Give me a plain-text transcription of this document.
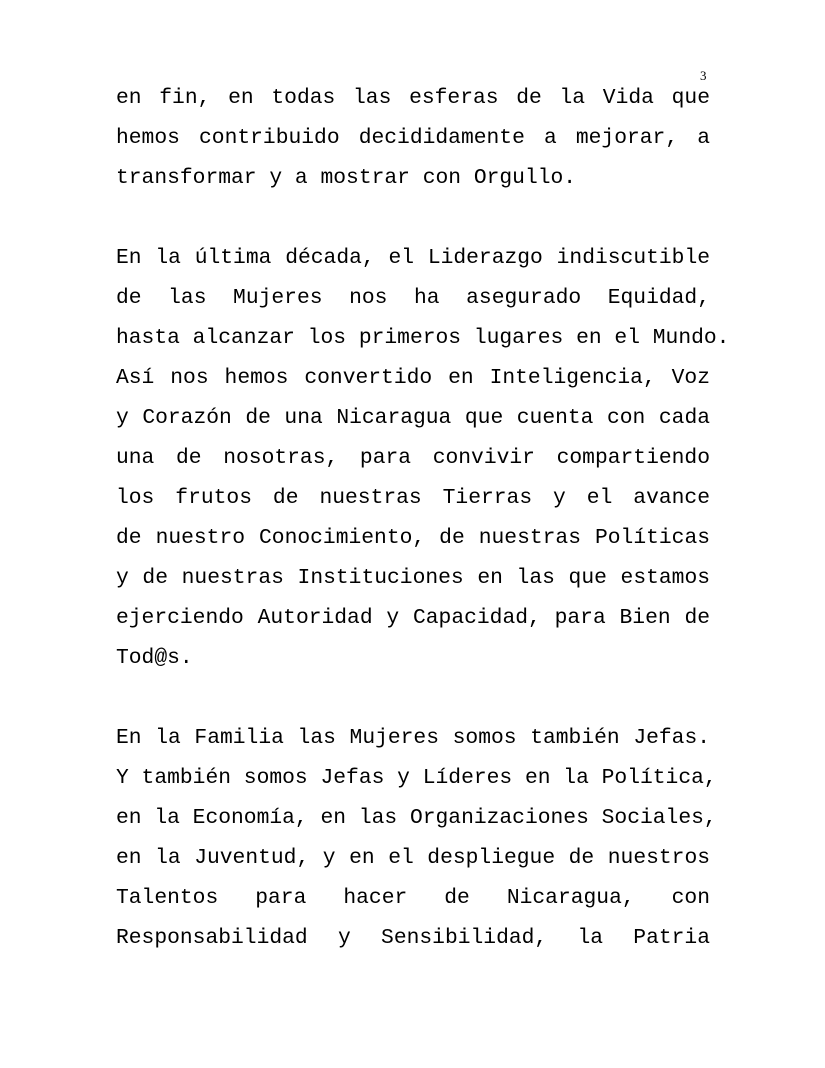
3

en fin, en todas las esferas de la Vida que
hemos contribuido decididamente a mejorar, a
transformar y a mostrar con Orgullo.

En la última década, el Liderazgo indiscutible
de las Mujeres nos ha asegurado Equidad,
hasta alcanzar los primeros lugares en el Mundo.
Así nos hemos convertido en Inteligencia, Voz
y Corazón de una Nicaragua que cuenta con cada
una de nosotras, para convivir compartiendo
los frutos de nuestras Tierras y el avance
de nuestro Conocimiento, de nuestras Políticas
y de nuestras Instituciones en las que estamos
ejerciendo Autoridad y Capacidad, para Bien de
Tod@s.

En la Familia las Mujeres somos también Jefas.
Y también somos Jefas y Líderes en la Política,
en la Economía, en las Organizaciones Sociales,
en la Juventud, y en el despliegue de nuestros
Talentos para hacer de Nicaragua, con
Responsabilidad y Sensibilidad, la Patria
